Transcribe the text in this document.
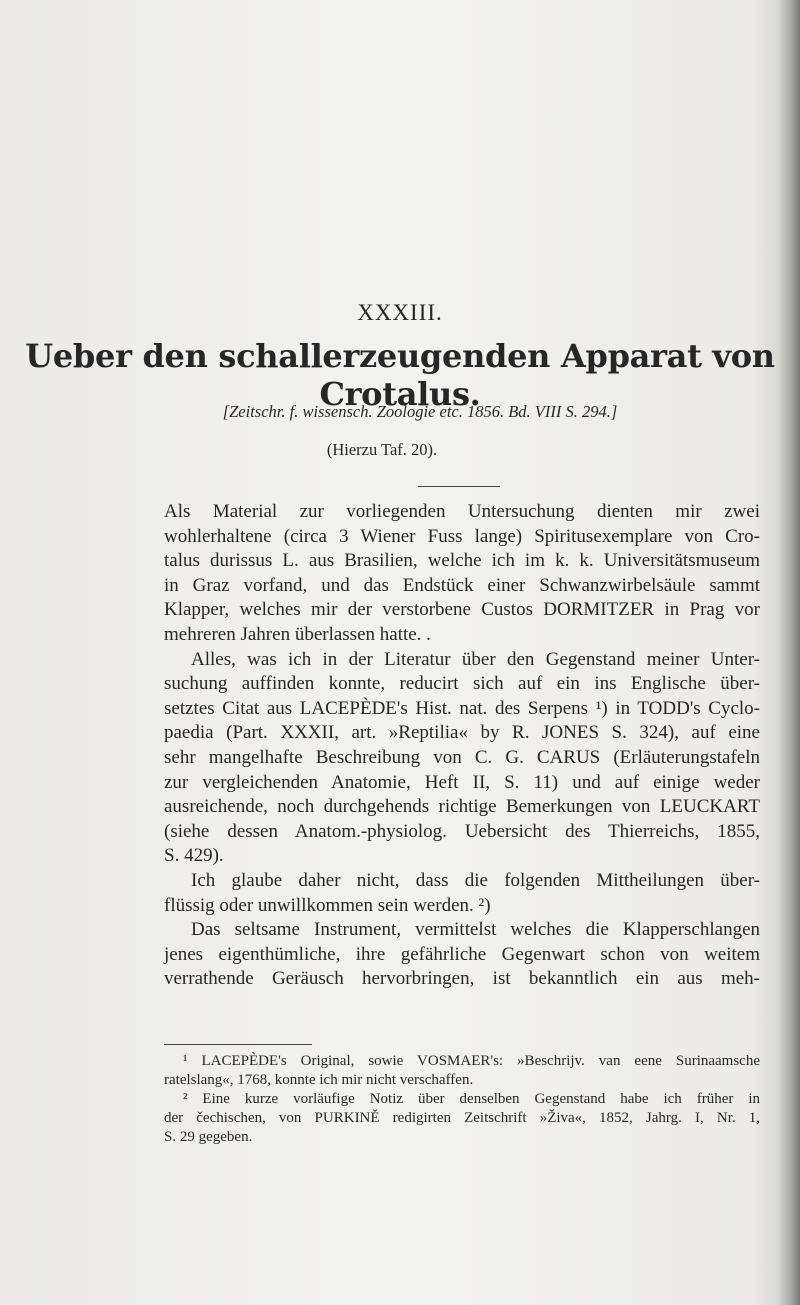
XXXIII.
Ueber den schallerzeugenden Apparat von Crotalus.
[Zeitschr. f. wissensch. Zoologie etc. 1856. Bd. VIII S. 294.]
(Hierzu Taf. 20).
Als Material zur vorliegenden Untersuchung dienten mir zwei
wohlerhaltene (circa 3 Wiener Fuss lange) Spiritusexemplare von Cro-
talus durissus L. aus Brasilien, welche ich im k. k. Universitätsmuseum
in Graz vorfand, und das Endstück einer Schwanzwirbelsäule sammt
Klapper, welches mir der verstorbene Custos DORMITZER in Prag vor
mehreren Jahren überlassen hatte. .
Alles, was ich in der Literatur über den Gegenstand meiner Unter-
suchung auffinden konnte, reducirt sich auf ein ins Englische über-
setztes Citat aus LACEPÈDE's Hist. nat. des Serpens ¹) in TODD's Cyclo-
paedia (Part. XXXII, art. »Reptilia« by R. JONES S. 324), auf eine
sehr mangelhafte Beschreibung von C. G. CARUS (Erläuterungstafeln
zur vergleichenden Anatomie, Heft II, S. 11) und auf einige weder
ausreichende, noch durchgehends richtige Bemerkungen von LEUCKART
(siehe dessen Anatom.-physiolog. Uebersicht des Thierreichs, 1855,
S. 429).
Ich glaube daher nicht, dass die folgenden Mittheilungen über-
flüssig oder unwillkommen sein werden. ²)
Das seltsame Instrument, vermittelst welches die Klapperschlangen
jenes eigenthümliche, ihre gefährliche Gegenwart schon von weitem
verrathende Geräusch hervorbringen, ist bekanntlich ein aus meh-
¹ LACEPÈDE's Original, sowie VOSMAER's: »Beschrijv. van eene Surinaamsche
ratelslang«, 1768, konnte ich mir nicht verschaffen.
² Eine kurze vorläufige Notiz über denselben Gegenstand habe ich früher in
der čechischen, von PURKINĚ redigirten Zeitschrift »Živa«, 1852, Jahrg. I, Nr. 1,
S. 29 gegeben.
